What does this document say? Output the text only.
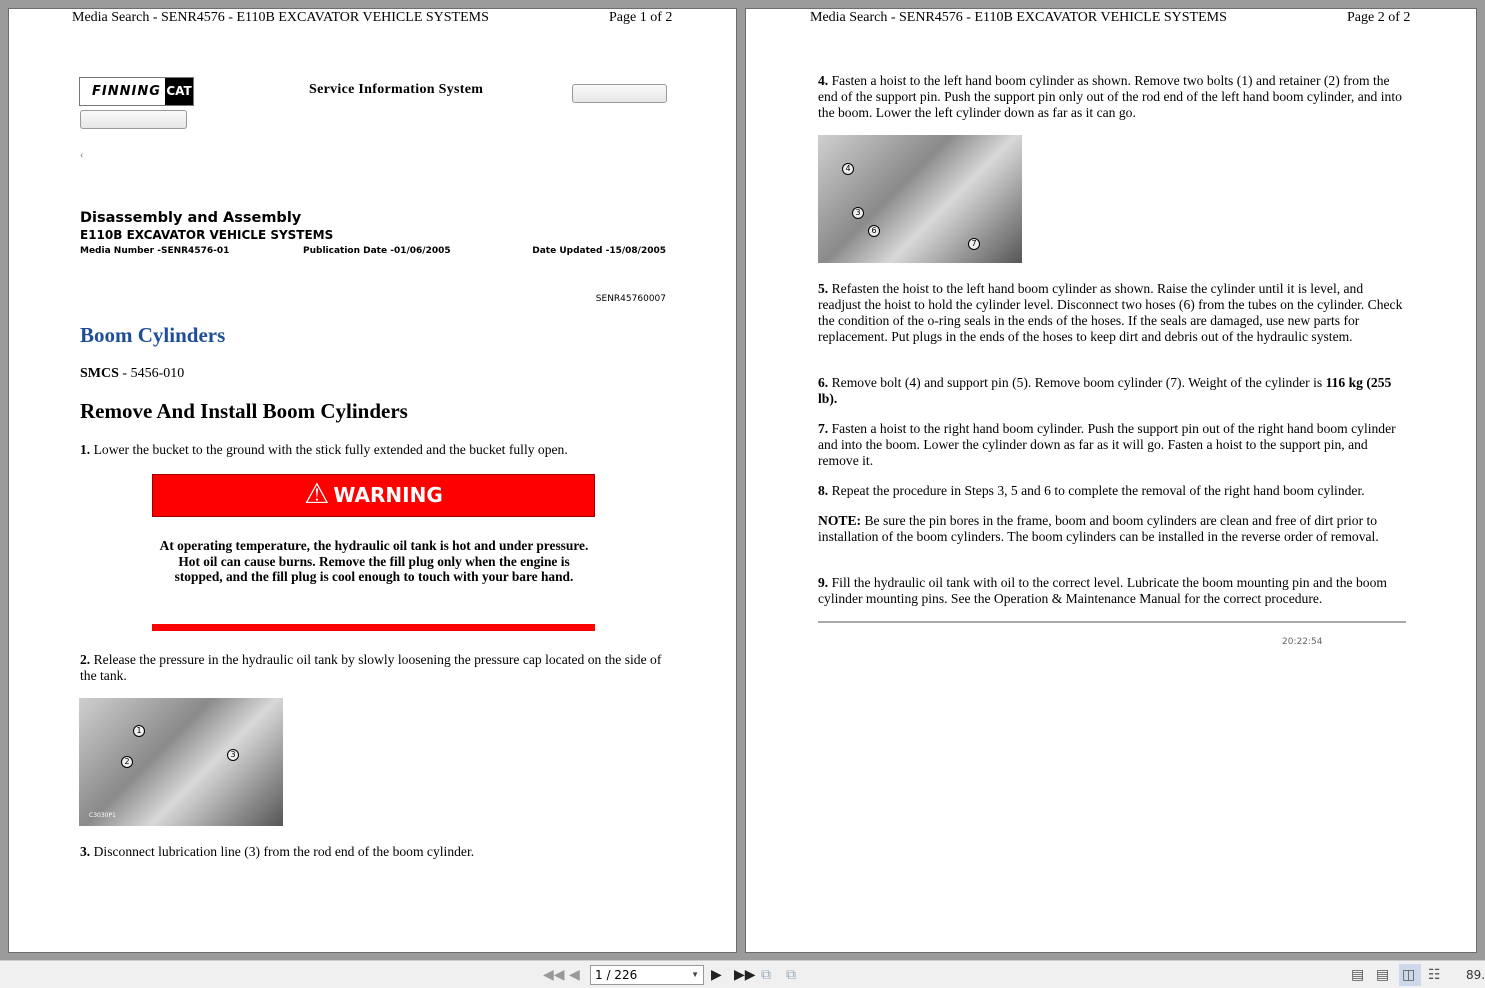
Media Search - SENR4576 - E110B EXCAVATOR VEHICLE SYSTEMS	Page 1 of 2
FINNING CAT	Service Information System
‹
Disassembly and Assembly
E110B EXCAVATOR VEHICLE SYSTEMS
Media Number -SENR4576-01	Publication Date -01/06/2005	Date Updated -15/08/2005
SENR45760007
Boom Cylinders
SMCS - 5456-010
Remove And Install Boom Cylinders

1. Lower the bucket to the ground with the stick fully extended and the bucket fully open.

⚠ WARNING

At operating temperature, the hydraulic oil tank is hot and under pressure. Hot oil can cause burns. Remove the fill plug only when the engine is stopped, and the fill plug is cool enough to touch with your bare hand.

2. Release the pressure in the hydraulic oil tank by slowly loosening the pressure cap located on the side of the tank.

1
2
3
C3030P1

3. Disconnect lubrication line (3) from the rod end of the boom cylinder.

Media Search - SENR4576 - E110B EXCAVATOR VEHICLE SYSTEMS	Page 2 of 2

4. Fasten a hoist to the left hand boom cylinder as shown. Remove two bolts (1) and retainer (2) from the end of the support pin. Push the support pin only out of the rod end of the left hand boom cylinder, and into the boom. Lower the left cylinder down as far as it can go.

4
3
6
7

5. Refasten the hoist to the left hand boom cylinder as shown. Raise the cylinder until it is level, and readjust the hoist to hold the cylinder level. Disconnect two hoses (6) from the tubes on the cylinder. Check the condition of the o-ring seals in the ends of the hoses. If the seals are damaged, use new parts for replacement. Put plugs in the ends of the hoses to keep dirt and debris out of the hydraulic system.

6. Remove bolt (4) and support pin (5). Remove boom cylinder (7). Weight of the cylinder is 116 kg (255 lb).

7. Fasten a hoist to the right hand boom cylinder. Push the support pin out of the right hand boom cylinder and into the boom. Lower the cylinder down as far as it will go. Fasten a hoist to the support pin, and remove it.

8. Repeat the procedure in Steps 3, 5 and 6 to complete the removal of the right hand boom cylinder.

NOTE: Be sure the pin bores in the frame, boom and boom cylinders are clean and free of dirt prior to installation of the boom cylinders. The boom cylinders can be installed in the reverse order of removal.

9. Fill the hydraulic oil tank with oil to the correct level. Lubricate the boom mounting pin and the boom cylinder mounting pins. See the Operation & Maintenance Manual for the correct procedure.

20:22:54
◀◀ ◀ 1 / 226	▼ ▶ ▶▶ ⧉ ⧉	▤ ▤ ◫ ☷ 89.
